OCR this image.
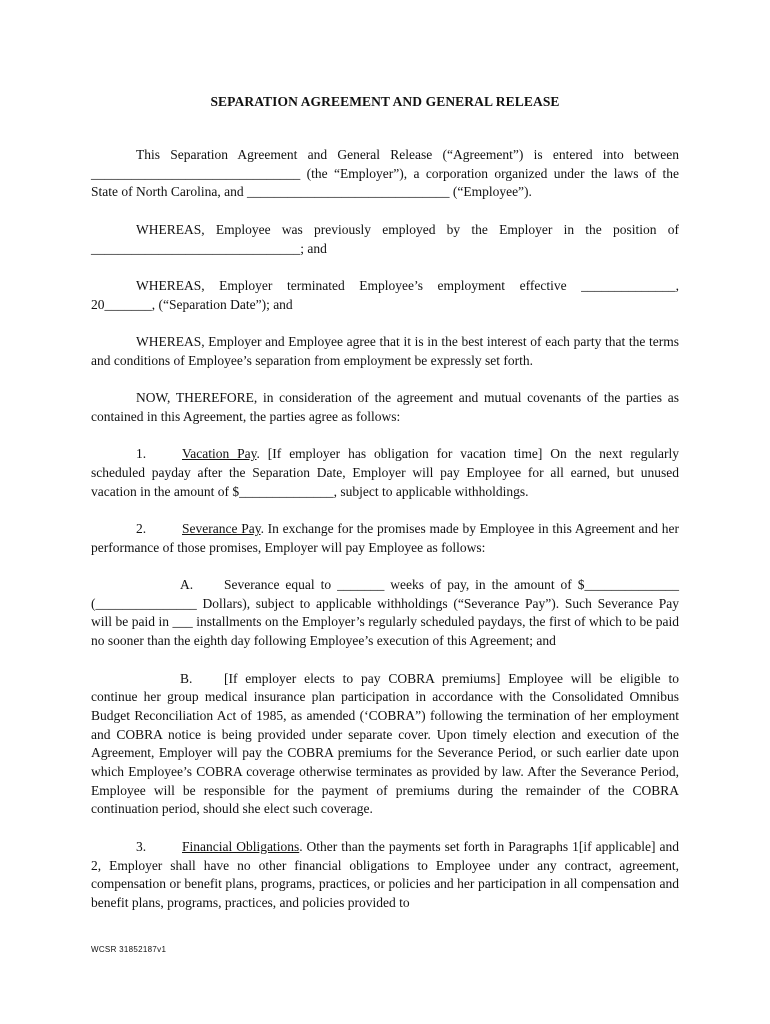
SEPARATION AGREEMENT AND GENERAL RELEASE

This Separation Agreement and General Release (“Agreement”) is entered into between _______________________________ (the “Employer”), a corporation organized under the laws of the State of North Carolina, and ______________________________ (“Employee”).

WHEREAS, Employee was previously employed by the Employer in the position of _______________________________; and

WHEREAS, Employer terminated Employee’s employment effective ______________, 20_______, (“Separation Date”); and

WHEREAS, Employer and Employee agree that it is in the best interest of each party that the terms and conditions of Employee’s separation from employment be expressly set forth.

NOW, THEREFORE, in consideration of the agreement and mutual covenants of the parties as contained in this Agreement, the parties agree as follows:

1.	Vacation Pay. [If employer has obligation for vacation time] On the next regularly scheduled payday after the Separation Date, Employer will pay Employee for all earned, but unused vacation in the amount of $______________, subject to applicable withholdings.

2.	Severance Pay. In exchange for the promises made by Employee in this Agreement and her performance of those promises, Employer will pay Employee as follows:

A. Severance equal to _______ weeks of pay, in the amount of $______________ (_______________ Dollars), subject to applicable withholdings (“Severance Pay”). Such Severance Pay will be paid in ___ installments on the Employer’s regularly scheduled paydays, the first of which to be paid no sooner than the eighth day following Employee’s execution of this Agreement; and

B. [If employer elects to pay COBRA premiums] Employee will be eligible to continue her group medical insurance plan participation in accordance with the Consolidated Omnibus Budget Reconciliation Act of 1985, as amended (‘COBRA”) following the termination of her employment and COBRA notice is being provided under separate cover. Upon timely election and execution of the Agreement, Employer will pay the COBRA premiums for the Severance Period, or such earlier date upon which Employee’s COBRA coverage otherwise terminates as provided by law. After the Severance Period, Employee will be responsible for the payment of premiums during the remainder of the COBRA continuation period, should she elect such coverage.

3.	Financial Obligations. Other than the payments set forth in Paragraphs 1[if applicable] and 2, Employer shall have no other financial obligations to Employee under any contract, agreement, compensation or benefit plans, programs, practices, or policies and her participation in all compensation and benefit plans, programs, practices, and policies provided to

WCSR 31852187v1
